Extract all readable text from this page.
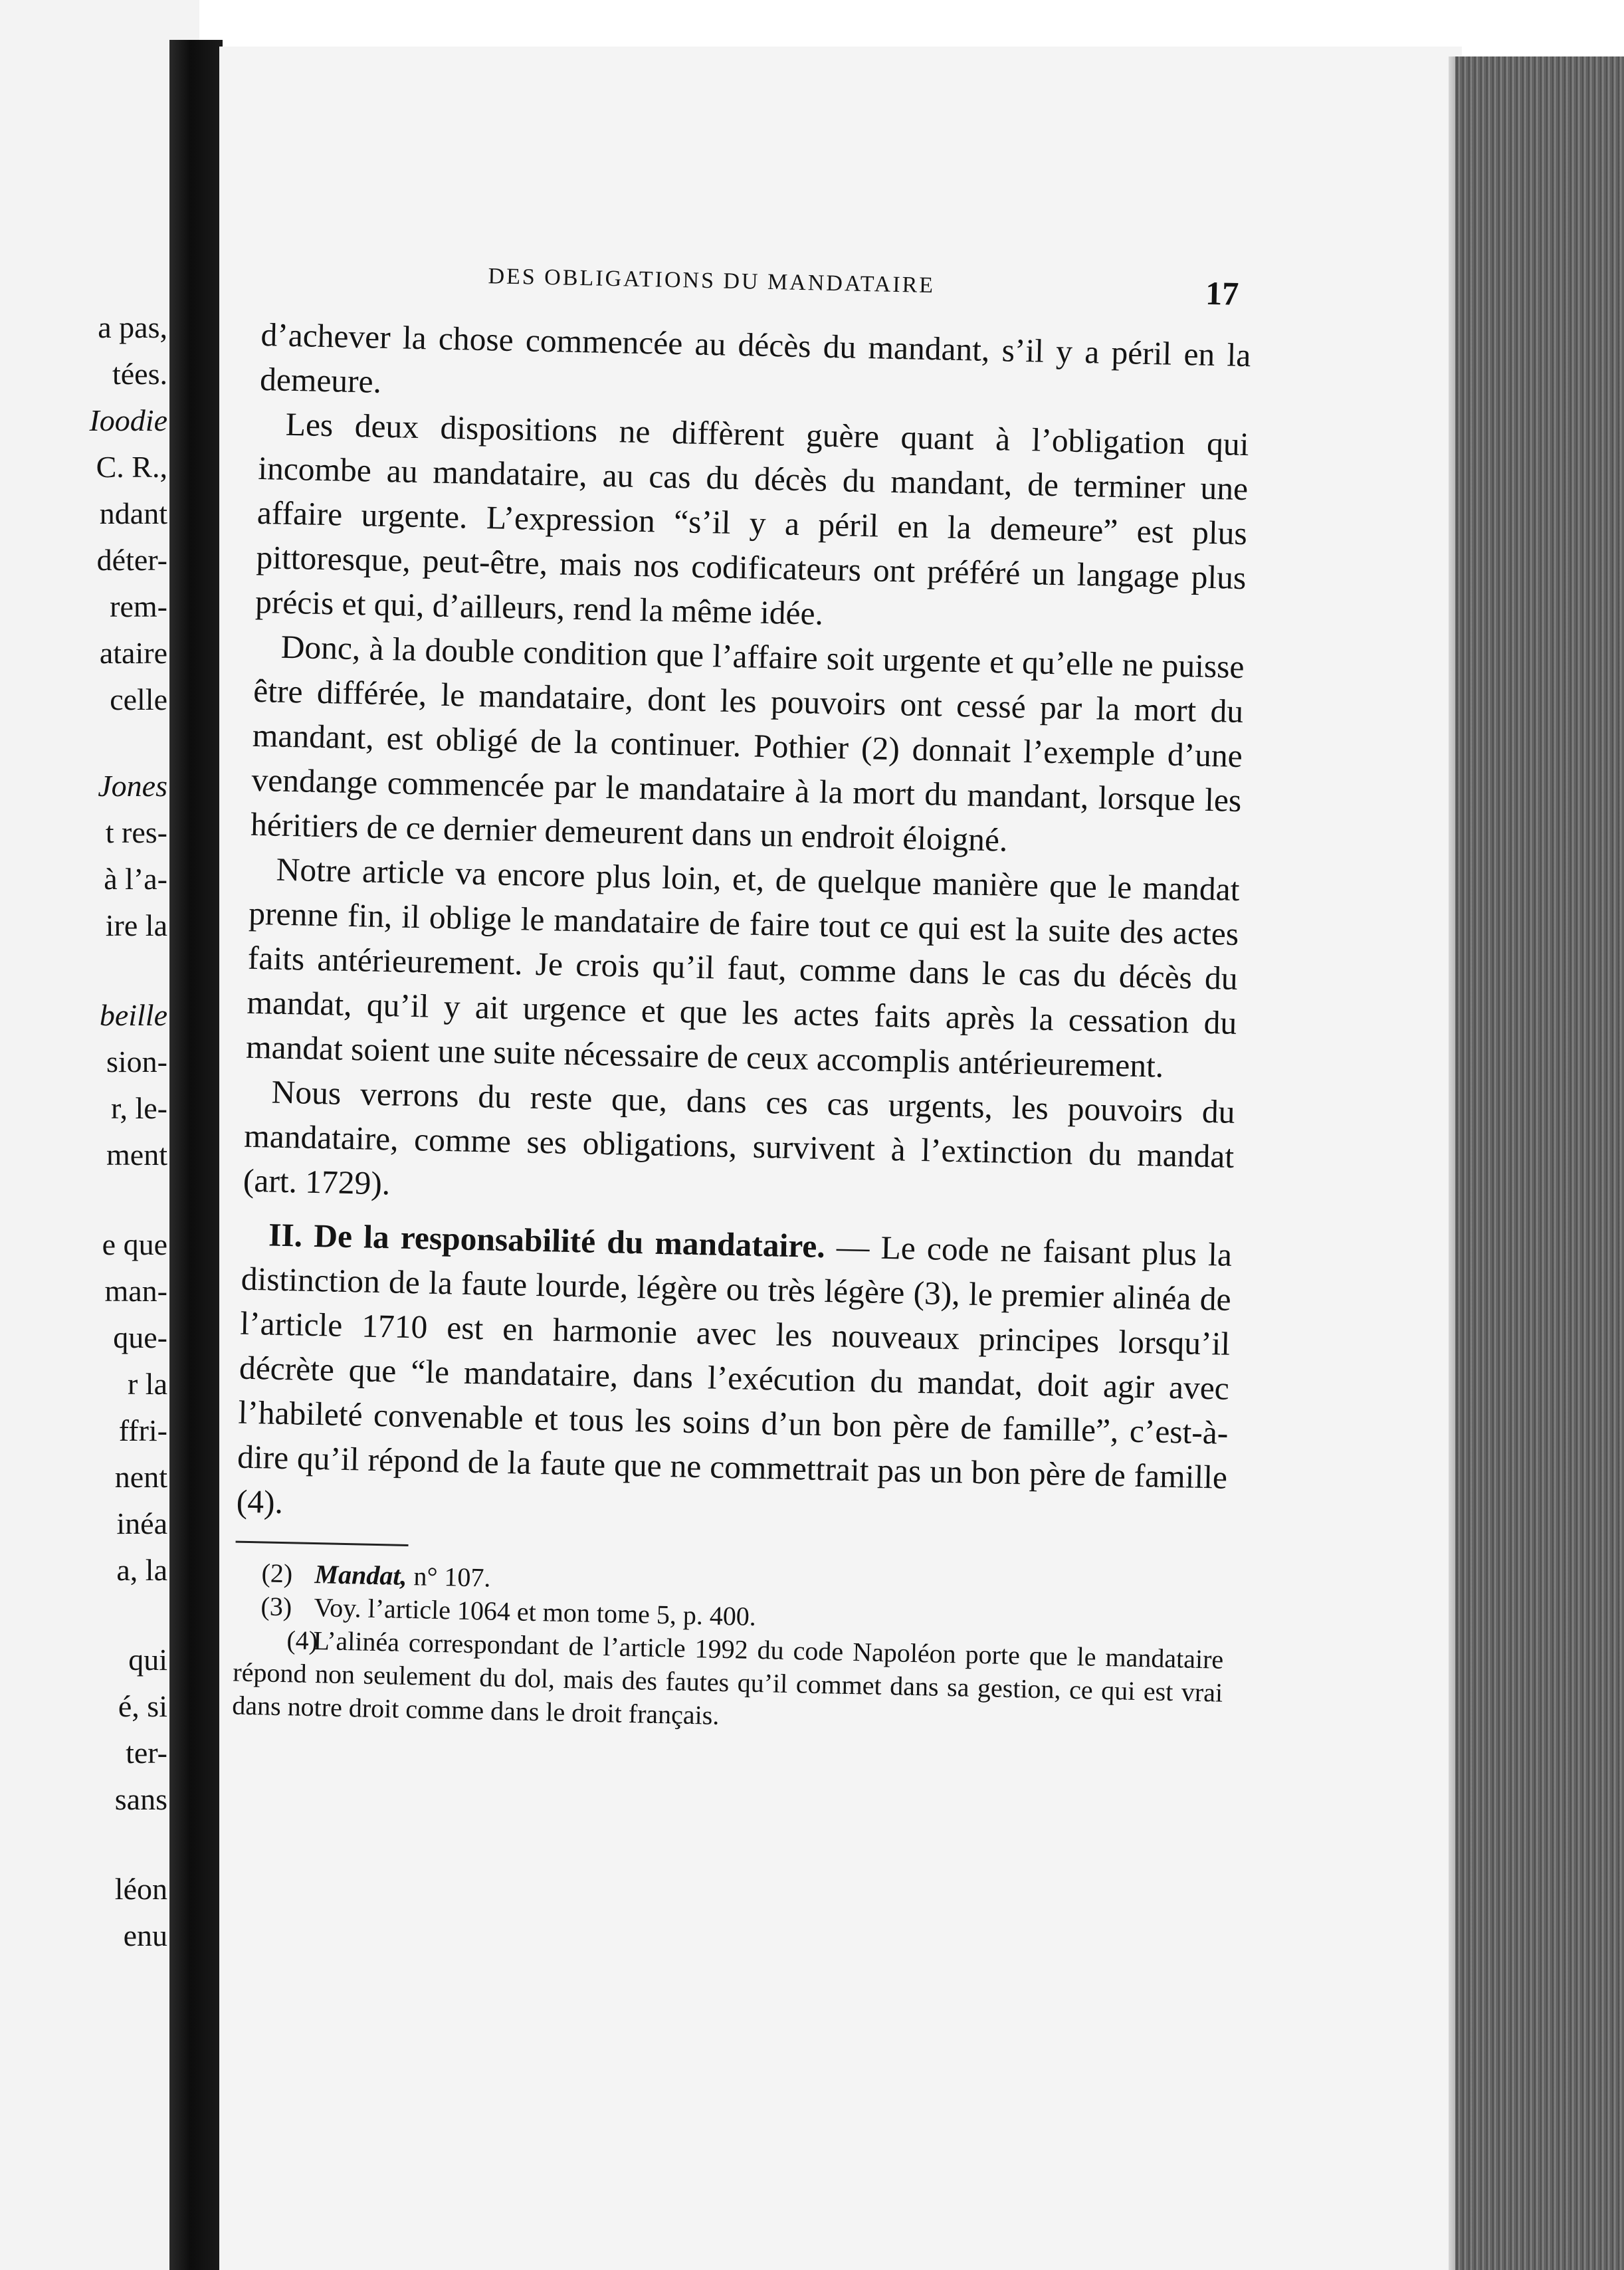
a pas,
tées.
Ioodie
C. R.,
ndant
déter-
rem-
ataire
celle
Jones
t res-
à l’a-
ire la
beille
sion-
r, le-
ment
e que
man-
que-
r la
ffri-
nent
inéa
a, la
qui
é, si
ter-
sans
léon
enu
DES OBLIGATIONS DU MANDATAIRE	17

d’achever la chose commencée au décès du mandant, s’il y a péril en la demeure.

Les deux dispositions ne diffèrent guère quant à l’obligation qui incombe au mandataire, au cas du décès du mandant, de terminer une affaire urgente. L’expression “s’il y a péril en la demeure” est plus pittoresque, peut-être, mais nos codificateurs ont préféré un langage plus précis et qui, d’ailleurs, rend la même idée.

Donc, à la double condition que l’affaire soit urgente et qu’elle ne puisse être différée, le mandataire, dont les pouvoirs ont cessé par la mort du mandant, est obligé de la continuer. Pothier (2) donnait l’exemple d’une vendange commencée par le mandataire à la mort du mandant, lorsque les héritiers de ce dernier demeurent dans un endroit éloigné.

Notre article va encore plus loin, et, de quelque manière que le mandat prenne fin, il oblige le mandataire de faire tout ce qui est la suite des actes faits antérieurement. Je crois qu’il faut, comme dans le cas du décès du mandat, qu’il y ait urgence et que les actes faits après la cessation du mandat soient une suite nécessaire de ceux accomplis antérieurement.

Nous verrons du reste que, dans ces cas urgents, les pouvoirs du mandataire, comme ses obligations, survivent à l’extinction du mandat (art. 1729).

II. De la responsabilité du mandataire. — Le code ne faisant plus la distinction de la faute lourde, légère ou très légère (3), le premier alinéa de l’article 1710 est en harmonie avec les nouveaux principes lorsqu’il décrète que “le mandataire, dans l’exécution du mandat, doit agir avec l’habileté convenable et tous les soins d’un bon père de famille”, c’est-à-dire qu’il répond de la faute que ne commettrait pas un bon père de famille (4).

(2) Mandat, n° 107.

(3) Voy. l’article 1064 et mon tome 5, p. 400.

(4)L’alinéa correspondant de l’article 1992 du code Napoléon porte que le mandataire répond non seulement du dol, mais des fautes qu’il commet dans sa gestion, ce qui est vrai dans notre droit comme dans le droit français.
